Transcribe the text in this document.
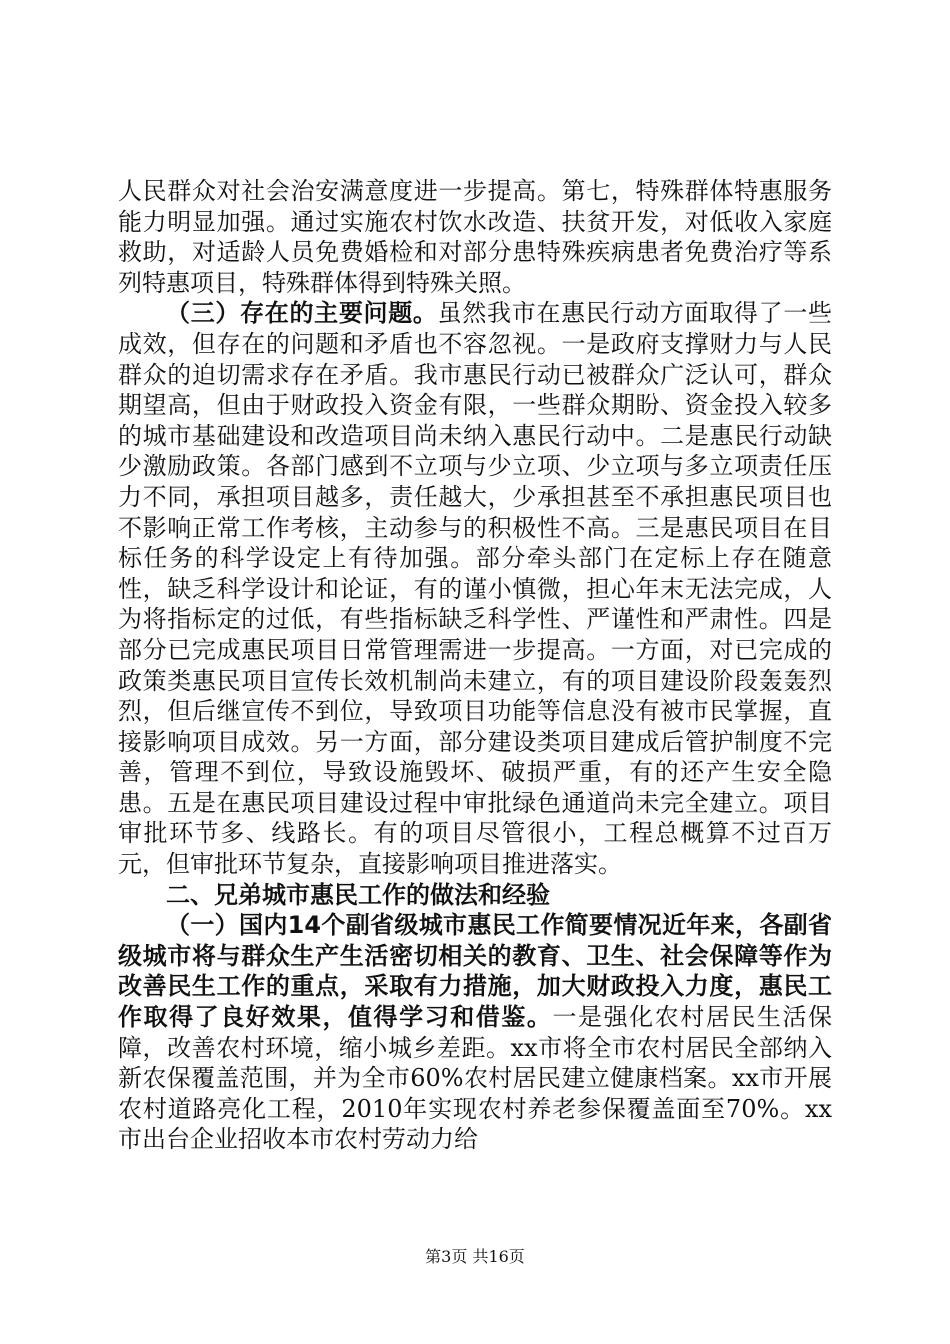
人民群众对社会治安满意度进一步提高。第七，特殊群体特惠服务能力明显加强。通过实施农村饮水改造、扶贫开发，对低收入家庭救助，对适龄人员免费婚检和对部分患特殊疾病患者免费治疗等系列特惠项目，特殊群体得到特殊关照。

（三）存在的主要问题。虽然我市在惠民行动方面取得了一些成效，但存在的问题和矛盾也不容忽视。一是政府支撑财力与人民群众的迫切需求存在矛盾。我市惠民行动已被群众广泛认可，群众期望高，但由于财政投入资金有限，一些群众期盼、资金投入较多的城市基础建设和改造项目尚未纳入惠民行动中。二是惠民行动缺少激励政策。各部门感到不立项与少立项、少立项与多立项责任压力不同，承担项目越多，责任越大，少承担甚至不承担惠民项目也不影响正常工作考核，主动参与的积极性不高。三是惠民项目在目标任务的科学设定上有待加强。部分牵头部门在定标上存在随意性，缺乏科学设计和论证，有的谨小慎微，担心年末无法完成，人为将指标定的过低，有些指标缺乏科学性、严谨性和严肃性。四是部分已完成惠民项目日常管理需进一步提高。一方面，对已完成的政策类惠民项目宣传长效机制尚未建立，有的项目建设阶段轰轰烈烈，但后继宣传不到位，导致项目功能等信息没有被市民掌握，直接影响项目成效。另一方面，部分建设类项目建成后管护制度不完善，管理不到位，导致设施毁坏、破损严重，有的还产生安全隐患。五是在惠民项目建设过程中审批绿色通道尚未完全建立。项目审批环节多、线路长。有的项目尽管很小，工程总概算不过百万元，但审批环节复杂，直接影响项目推进落实。

二、兄弟城市惠民工作的做法和经验

（一）国内14个副省级城市惠民工作简要情况近年来，各副省级城市将与群众生产生活密切相关的教育、卫生、社会保障等作为改善民生工作的重点，采取有力措施，加大财政投入力度，惠民工作取得了良好效果，值得学习和借鉴。一是强化农村居民生活保障，改善农村环境，缩小城乡差距。xx市将全市农村居民全部纳入新农保覆盖范围，并为全市60%农村居民建立健康档案。xx市开展农村道路亮化工程，2010年实现农村养老参保覆盖面至70%。xx市出台企业招收本市农村劳动力给

第3页 共16页
